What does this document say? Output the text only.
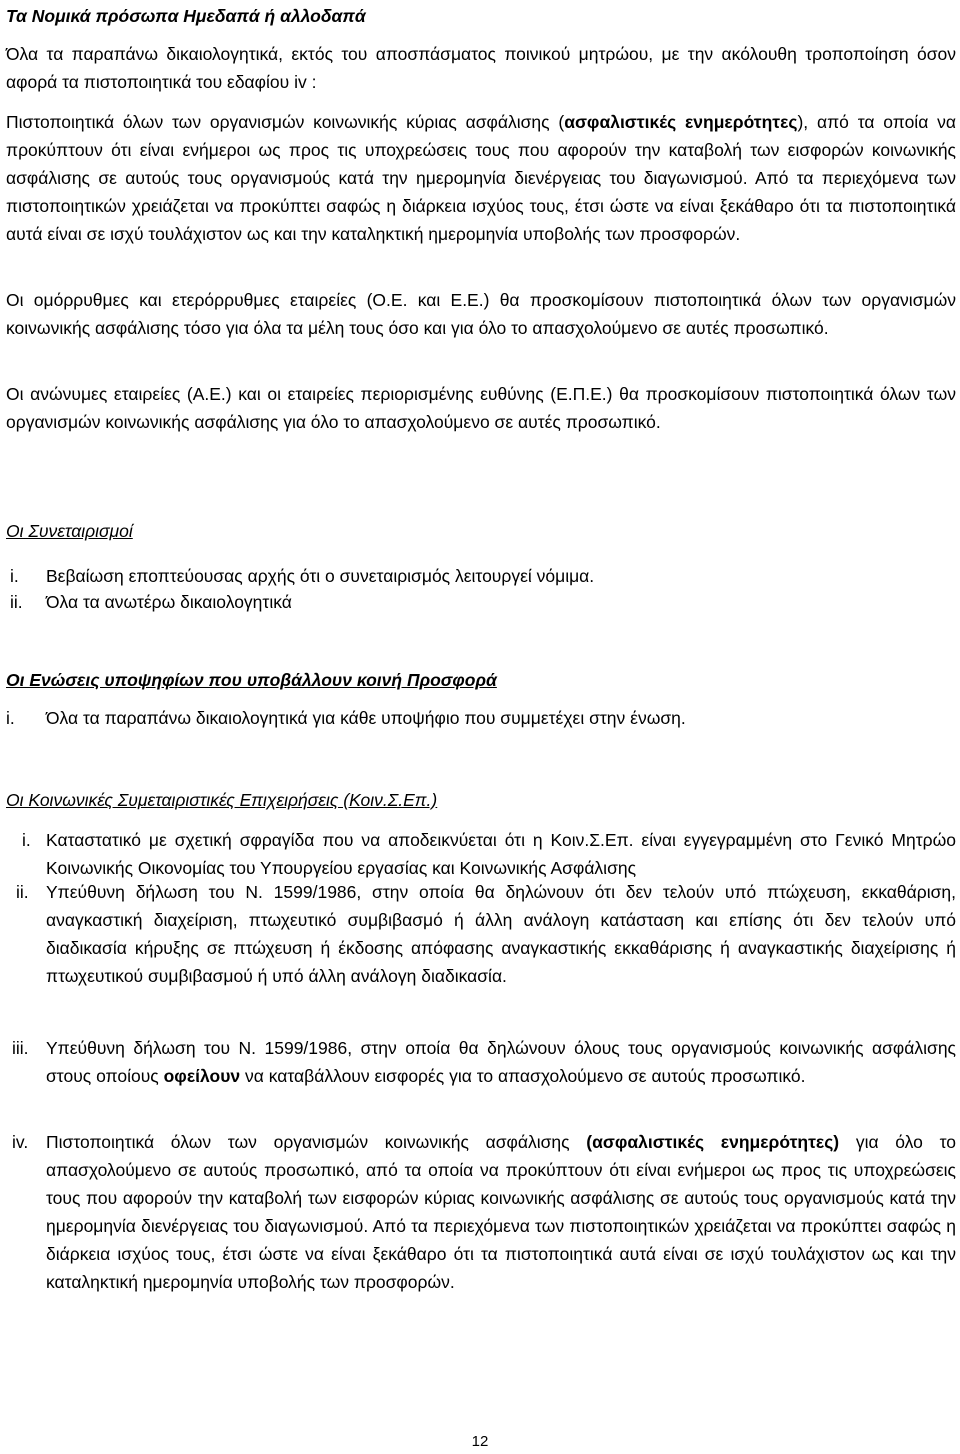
Τα Νομικά πρόσωπα Ημεδαπά ή αλλοδαπά

Όλα τα παραπάνω δικαιολογητικά, εκτός του αποσπάσματος ποινικού μητρώου, με την ακόλουθη τροποποίηση όσον αφορά τα πιστοποιητικά του εδαφίου iv :

Πιστοποιητικά όλων των οργανισμών κοινωνικής κύριας ασφάλισης (ασφαλιστικές ενημερότητες), από τα οποία να προκύπτουν ότι είναι ενήμεροι ως προς τις υποχρεώσεις τους που αφορούν την καταβολή των εισφορών κοινωνικής ασφάλισης σε αυτούς τους οργανισμούς κατά την ημερομηνία διενέργειας του διαγωνισμού. Από τα περιεχόμενα των πιστοποιητικών χρειάζεται να προκύπτει σαφώς η διάρκεια ισχύος τους, έτσι ώστε να είναι ξεκάθαρο ότι τα πιστοποιητικά αυτά είναι σε ισχύ τουλάχιστον ως και την καταληκτική ημερομηνία υποβολής των προσφορών.

Οι ομόρρυθμες και ετερόρρυθμες εταιρείες (Ο.Ε. και Ε.Ε.) θα προσκομίσουν πιστοποιητικά όλων των οργανισμών κοινωνικής ασφάλισης τόσο για όλα τα μέλη τους όσο και για όλο το απασχολούμενο σε αυτές προσωπικό.

Οι ανώνυμες εταιρείες (Α.Ε.) και οι εταιρείες περιορισμένης ευθύνης (Ε.Π.Ε.) θα προσκομίσουν πιστοποιητικά όλων των οργανισμών κοινωνικής ασφάλισης για όλο το απασχολούμενο σε αυτές προσωπικό.

Οι Συνεταιρισμοί

i.	Βεβαίωση εποπτεύουσας αρχής ότι ο συνεταιρισμός λειτουργεί νόμιμα.
ii.	Όλα τα ανωτέρω δικαιολογητικά

Οι Ενώσεις υποψηφίων που υποβάλλουν κοινή Προσφορά

i.	Όλα τα παραπάνω δικαιολογητικά για κάθε υποψήφιο που συμμετέχει στην ένωση.

Οι Κοινωνικές Συμεταιριστικές Επιχειρήσεις (Κοιν.Σ.Επ.)

i. Καταστατικό με σχετική σφραγίδα που να αποδεικνύεται ότι η Κοιν.Σ.Επ. είναι εγγεγραμμένη στο Γενικό Μητρώο Κοινωνικής Οικονομίας του Υπουργείου εργασίας και Κοινωνικής Ασφάλισης

ii. Υπεύθυνη δήλωση του Ν. 1599/1986, στην οποία θα δηλώνουν ότι δεν τελούν υπό πτώχευση, εκκαθάριση, αναγκαστική διαχείριση, πτωχευτικό συμβιβασμό ή άλλη ανάλογη κατάσταση και επίσης ότι δεν τελούν υπό διαδικασία κήρυξης σε πτώχευση ή έκδοσης απόφασης αναγκαστικής εκκαθάρισης ή αναγκαστικής διαχείρισης ή πτωχευτικού συμβιβασμού ή υπό άλλη ανάλογη διαδικασία.

iii. Υπεύθυνη δήλωση του Ν. 1599/1986, στην οποία θα δηλώνουν όλους τους οργανισμούς κοινωνικής ασφάλισης στους οποίους οφείλουν να καταβάλλουν εισφορές για το απασχολούμενο σε αυτούς προσωπικό.

iv.	Πιστοποιητικά όλων των οργανισμών κοινωνικής ασφάλισης (ασφαλιστικές ενημερότητες) για όλο το απασχολούμενο σε αυτούς προσωπικό, από τα οποία να προκύπτουν ότι είναι ενήμεροι ως προς τις υποχρεώσεις τους που αφορούν την καταβολή των εισφορών κύριας κοινωνικής ασφάλισης σε αυτούς τους οργανισμούς κατά την ημερομηνία διενέργειας του διαγωνισμού. Από τα περιεχόμενα των πιστοποιητικών χρειάζεται να προκύπτει σαφώς η διάρκεια ισχύος τους, έτσι ώστε να είναι ξεκάθαρο ότι τα πιστοποιητικά αυτά είναι σε ισχύ τουλάχιστον ως και την καταληκτική ημερομηνία υποβολής των προσφορών.

12
